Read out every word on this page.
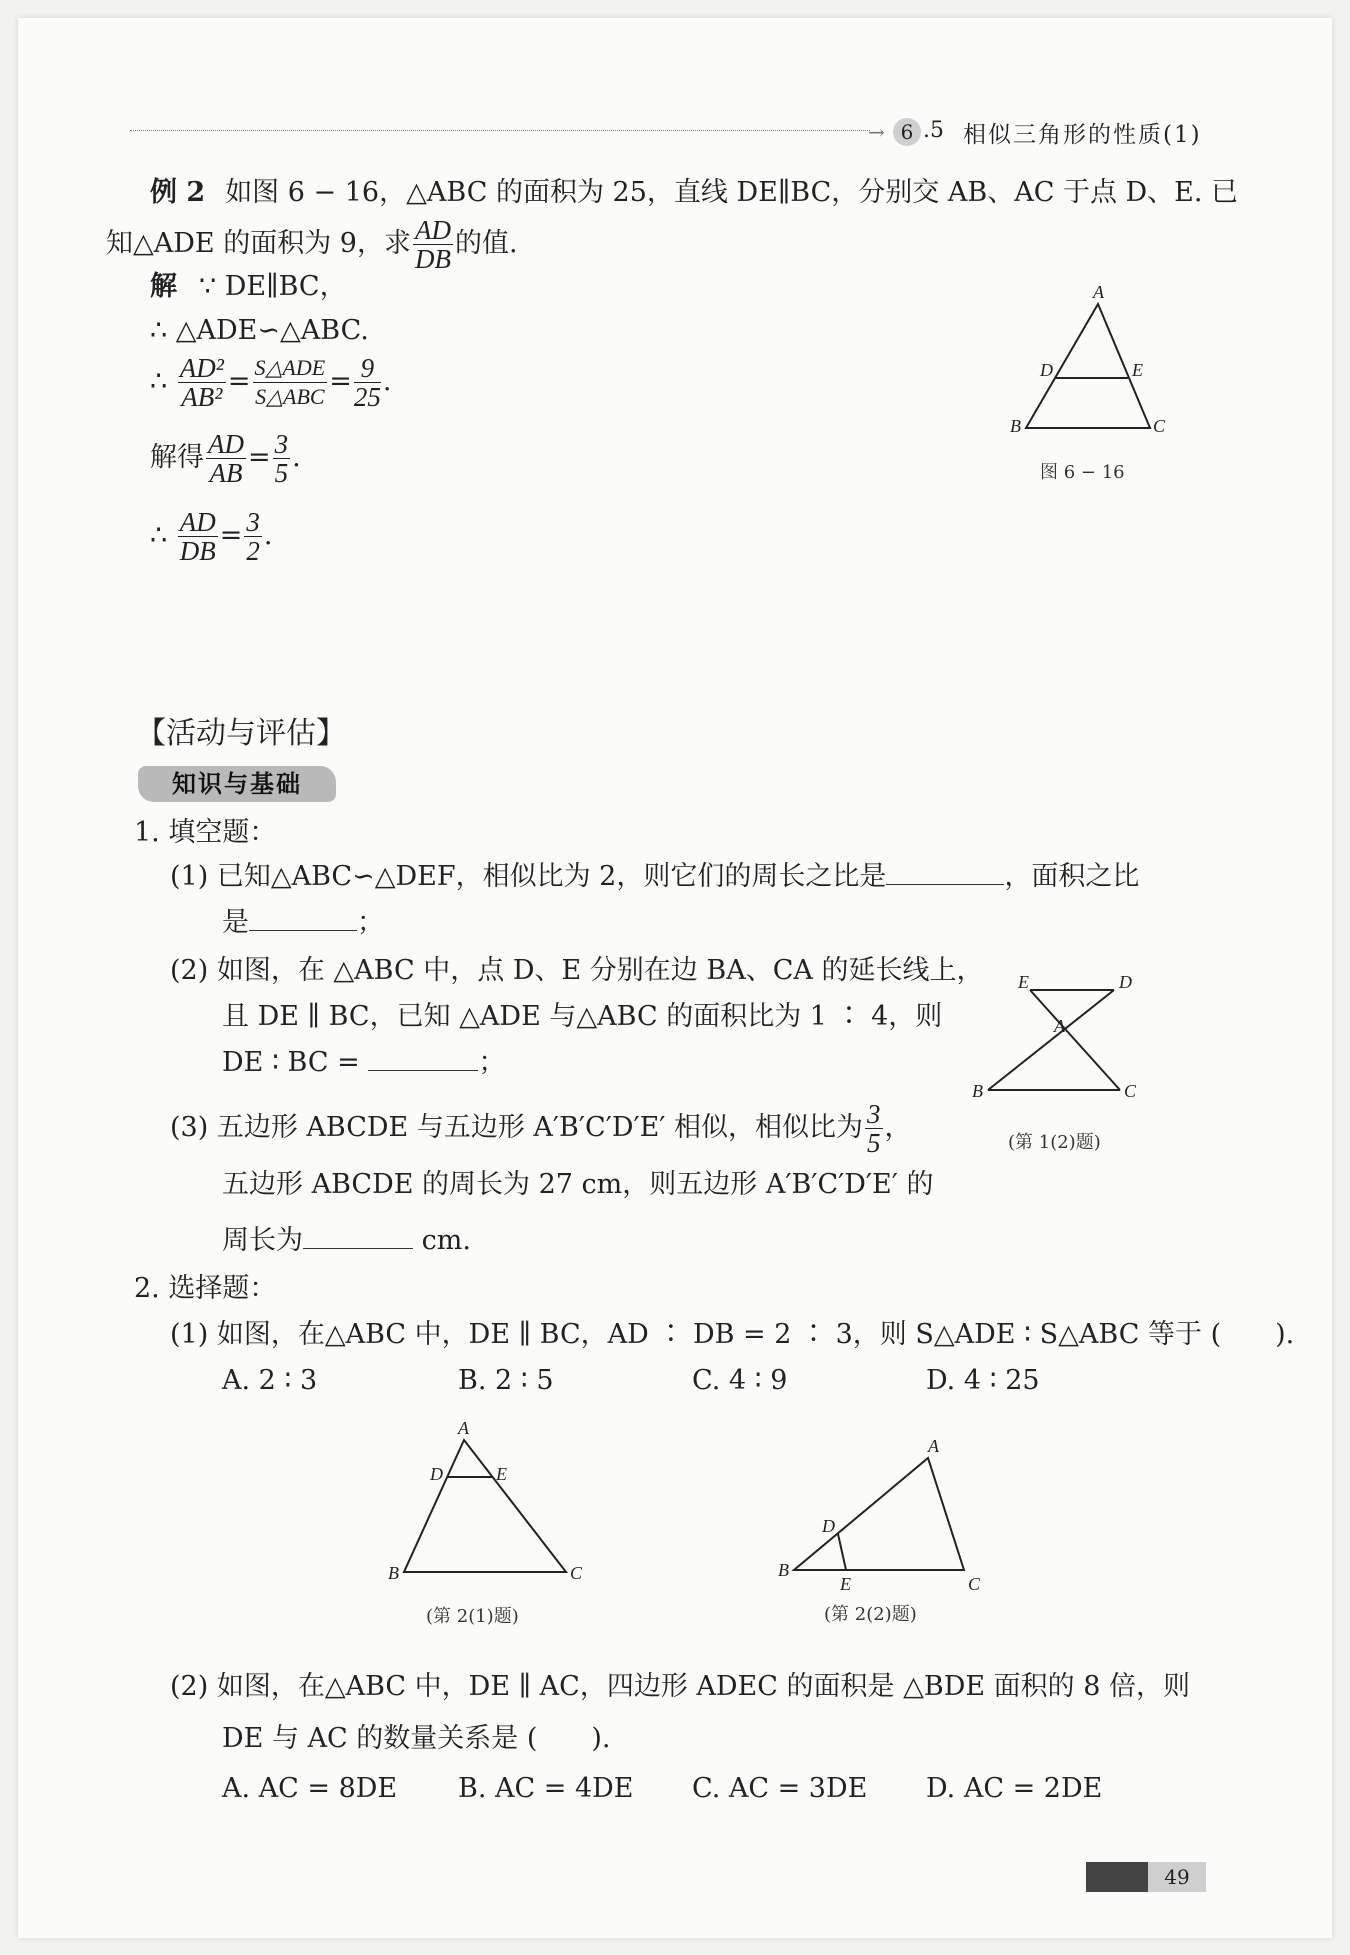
→ 6 .5 相似三角形的性质(1)
例 2 如图 6 − 16，△ABC 的面积为 25，直线 DE∥BC，分别交 AB、AC 于点 D、E. 已
知△ADE 的面积为 9，求 $\frac{AD}{DB}$ 的值.
解 ∵ DE∥BC，
∴ △ADE∽△ABC.
∴ $\frac{\text{AD²}}{\text{AB²}} = \frac{\text{S△ADE}}{\text{S△ABC}} = \frac{9}{25}$ .
解得 $\frac{AD}{AB} = \frac{3}{5}$ .
∴ $\frac{AD}{DB} = \frac{3}{2}$ .
A
B	C
D	E
图 6 − 16
【活动与评估】
知识与基础
1. 填空题：
(1) 已知△ABC∽△DEF，相似比为 2，则它们的周长之比是	，面积之比
是	；
(2) 如图，在 △ABC 中，点 D、E 分别在边 BA、CA 的延长线上，
且 DE ∥ BC，已知 △ADE 与△ABC 的面积比为 1 ∶ 4，则
DE ∶ BC =	；
(3) 五边形 ABCDE 与五边形 A′B′C′D′E′ 相似，相似比为 $\frac{3}{5}$ ，
五边形 ABCDE 的周长为 27 cm，则五边形 A′B′C′D′E′ 的
周长为	cm.
E	D
A
B	C
(第 1(2)题)
2. 选择题：
(1) 如图，在△ABC 中，DE ∥ BC，AD ∶ DB = 2 ∶ 3，则 S△ADE ∶ S△ABC 等于 (　　).
A. 2 ∶ 3	B. 2 ∶ 5	C. 4 ∶ 9	D. 4 ∶ 25
A
D	E
B	C
(第 2(1)题)
A
D
B
E	C
(第 2(2)题)
(2) 如图，在△ABC 中，DE ∥ AC，四边形 ADEC 的面积是 △BDE 面积的 8 倍，则
DE 与 AC 的数量关系是 (　　).
A. AC = 8DE B. AC = 4DE C. AC = 3DE D. AC = 2DE
49
